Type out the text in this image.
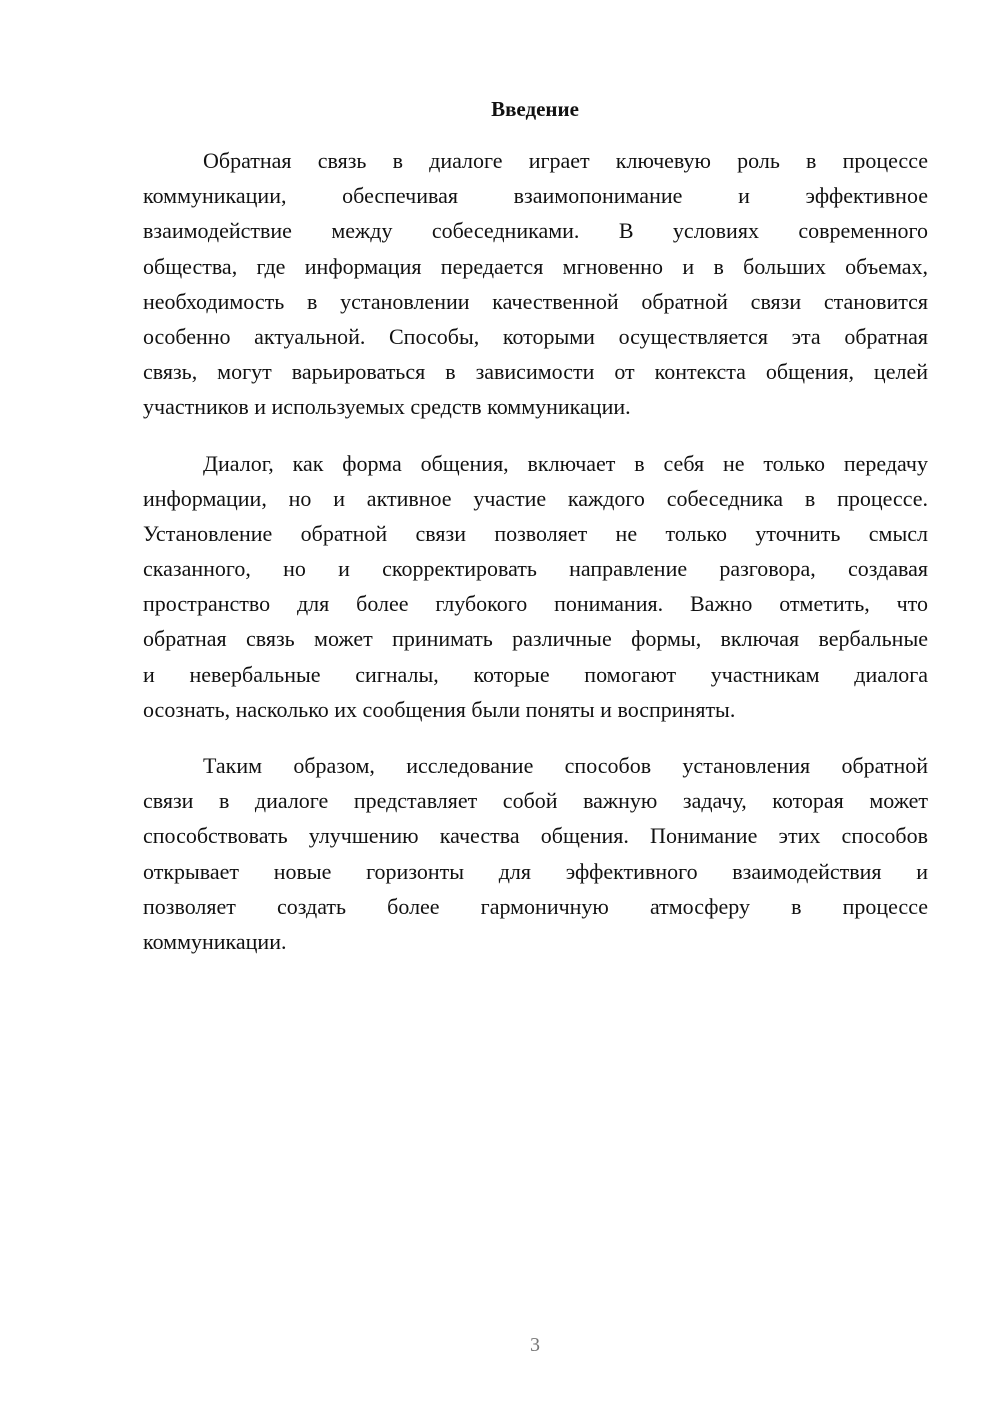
Введение
Обратная связь в диалоге играет ключевую роль в процессе
коммуникации, обеспечивая взаимопонимание и эффективное
взаимодействие между собеседниками. В условиях современного
общества, где информация передается мгновенно и в больших объемах,
необходимость в установлении качественной обратной связи становится
особенно актуальной. Способы, которыми осуществляется эта обратная
связь, могут варьироваться в зависимости от контекста общения, целей
участников и используемых средств коммуникации.
Диалог, как форма общения, включает в себя не только передачу
информации, но и активное участие каждого собеседника в процессе.
Установление обратной связи позволяет не только уточнить смысл
сказанного, но и скорректировать направление разговора, создавая
пространство для более глубокого понимания. Важно отметить, что
обратная связь может принимать различные формы, включая вербальные
и невербальные сигналы, которые помогают участникам диалога
осознать, насколько их сообщения были поняты и восприняты.
Таким образом, исследование способов установления обратной
связи в диалоге представляет собой важную задачу, которая может
способствовать улучшению качества общения. Понимание этих способов
открывает новые горизонты для эффективного взаимодействия и
позволяет создать более гармоничную атмосферу в процессе
коммуникации.
3
